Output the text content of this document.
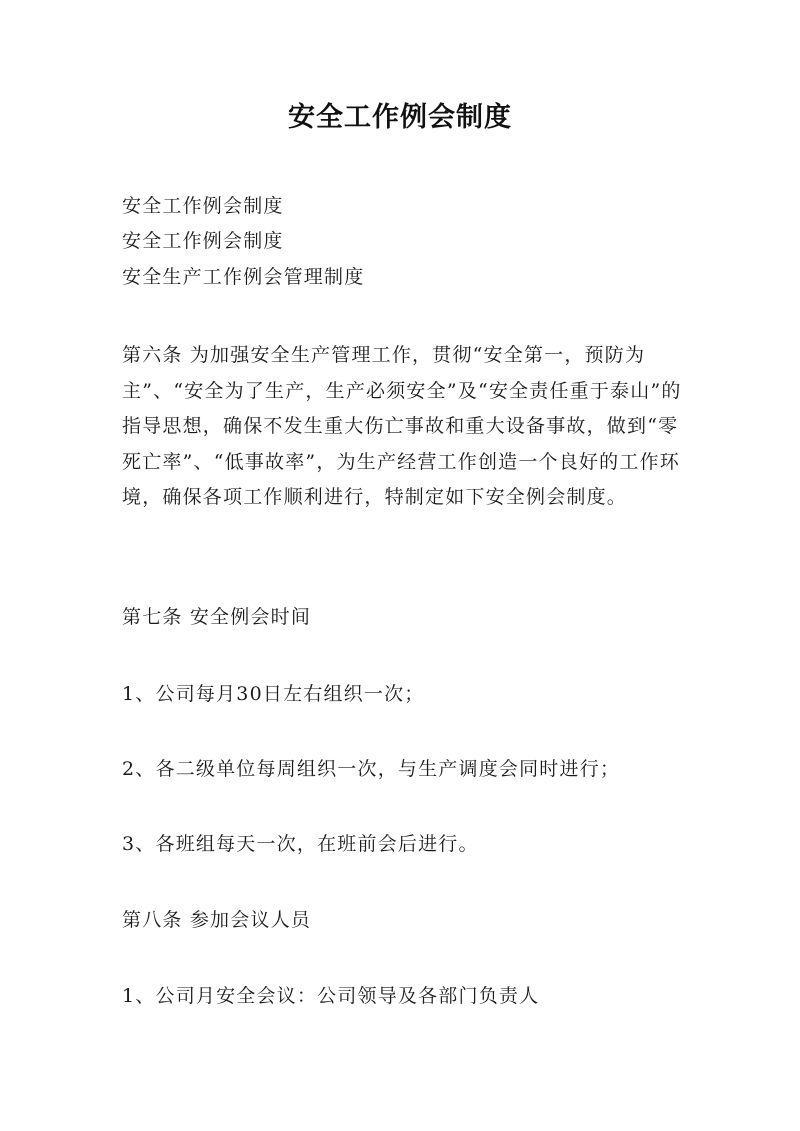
安全工作例会制度
安全工作例会制度
安全工作例会制度
安全生产工作例会管理制度

第六条 为加强安全生产管理工作，贯彻“安全第一，预防为主”、“安全为了生产，生产必须安全”及“安全责任重于泰山”的指导思想，确保不发生重大伤亡事故和重大设备事故，做到“零死亡率”、“低事故率”，为生产经营工作创造一个良好的工作环境，确保各项工作顺利进行，特制定如下安全例会制度。

第七条 安全例会时间
1、公司每月30日左右组织一次；
2、各二级单位每周组织一次，与生产调度会同时进行；
3、各班组每天一次，在班前会后进行。
第八条 参加会议人员
1、公司月安全会议：公司领导及各部门负责人
